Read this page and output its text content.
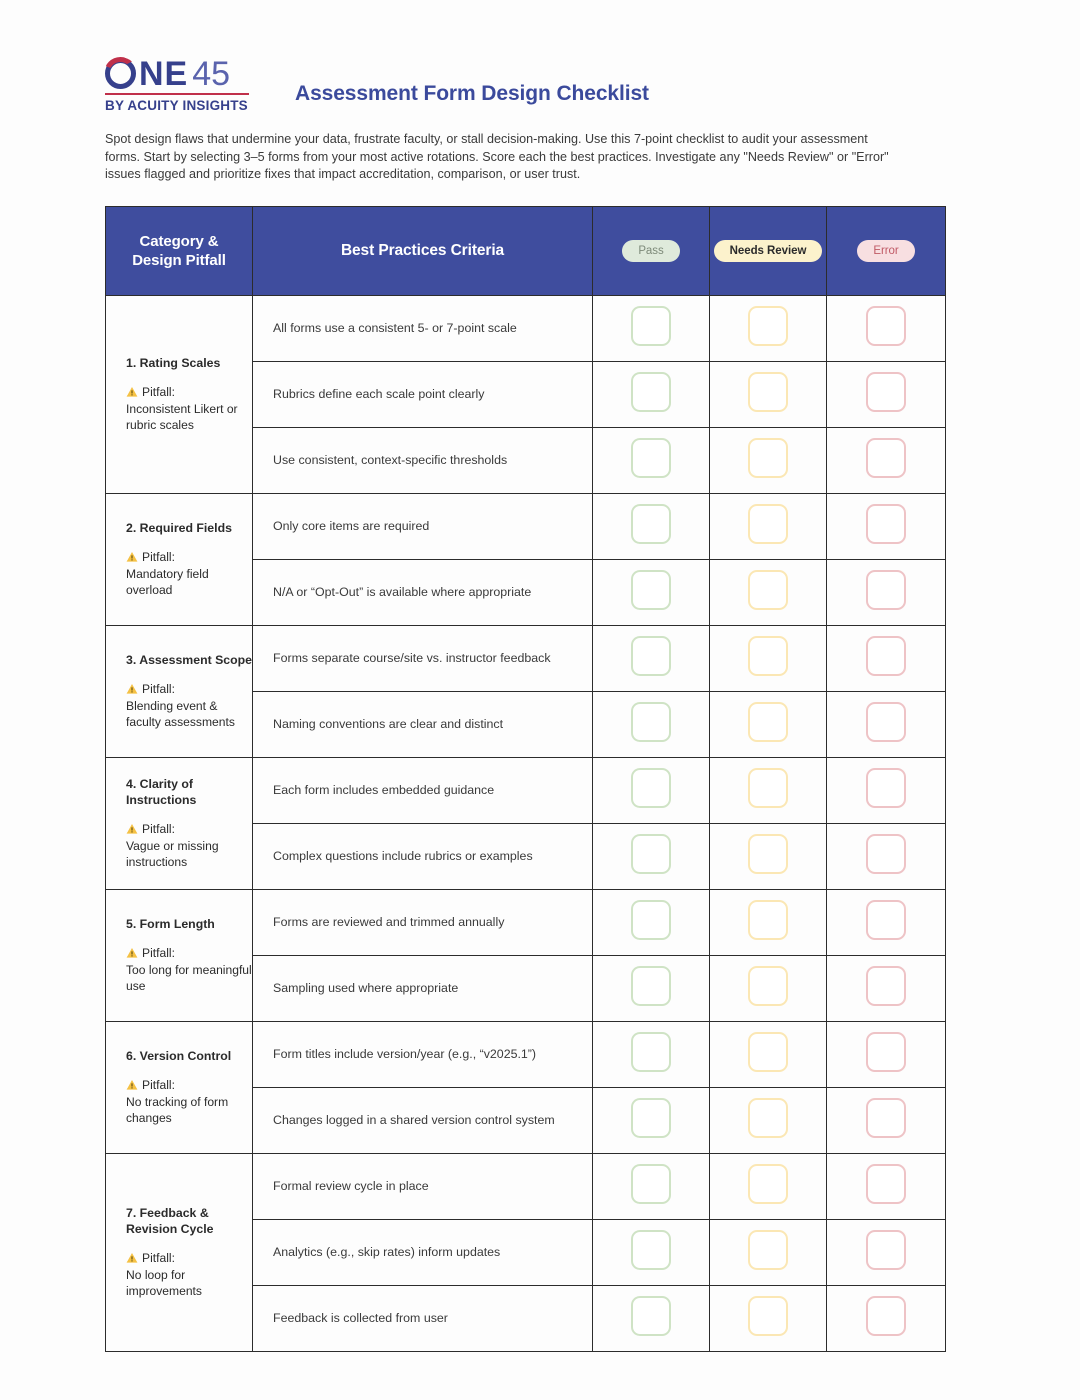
NE 45
BY ACUITY INSIGHTS
Assessment Form Design Checklist
Spot design flaws that undermine your data, frustrate faculty, or stall decision-making. Use this 7-point checklist to audit your assessment forms. Start by selecting 3–5 forms from your most active rotations. Score each the best practices. Investigate any "Needs Review" or "Error" issues flagged and prioritize fixes that impact accreditation, comparison, or user trust.
Category &
Design Pitfall	Best Practices Criteria	Pass	Needs Review	Error

1. Rating Scales
Pitfall:
Inconsistent Likert or rubric scales	All forms use a consistent 5- or 7-point scale			
	Rubrics define each scale point clearly			
	Use consistent, context-specific thresholds			

2. Required Fields
Pitfall:
Mandatory field overload	Only core items are required			
	N/A or “Opt-Out” is available where appropriate			

3. Assessment Scope
Pitfall:
Blending event & faculty assessments	Forms separate course/site vs. instructor feedback			
	Naming conventions are clear and distinct			

4. Clarity of Instructions
Pitfall:
Vague or missing instructions	Each form includes embedded guidance			
	Complex questions include rubrics or examples			

5. Form Length
Pitfall:
Too long for meaningful use	Forms are reviewed and trimmed annually			
	Sampling used where appropriate			

6. Version Control
Pitfall:
No tracking of form changes	Form titles include version/year (e.g., “v2025.1”)			
	Changes logged in a shared version control system			

7. Feedback & Revision Cycle
Pitfall:
No loop for improvements	Formal review cycle in place			
	Analytics (e.g., skip rates) inform updates			
	Feedback is collected from user			
